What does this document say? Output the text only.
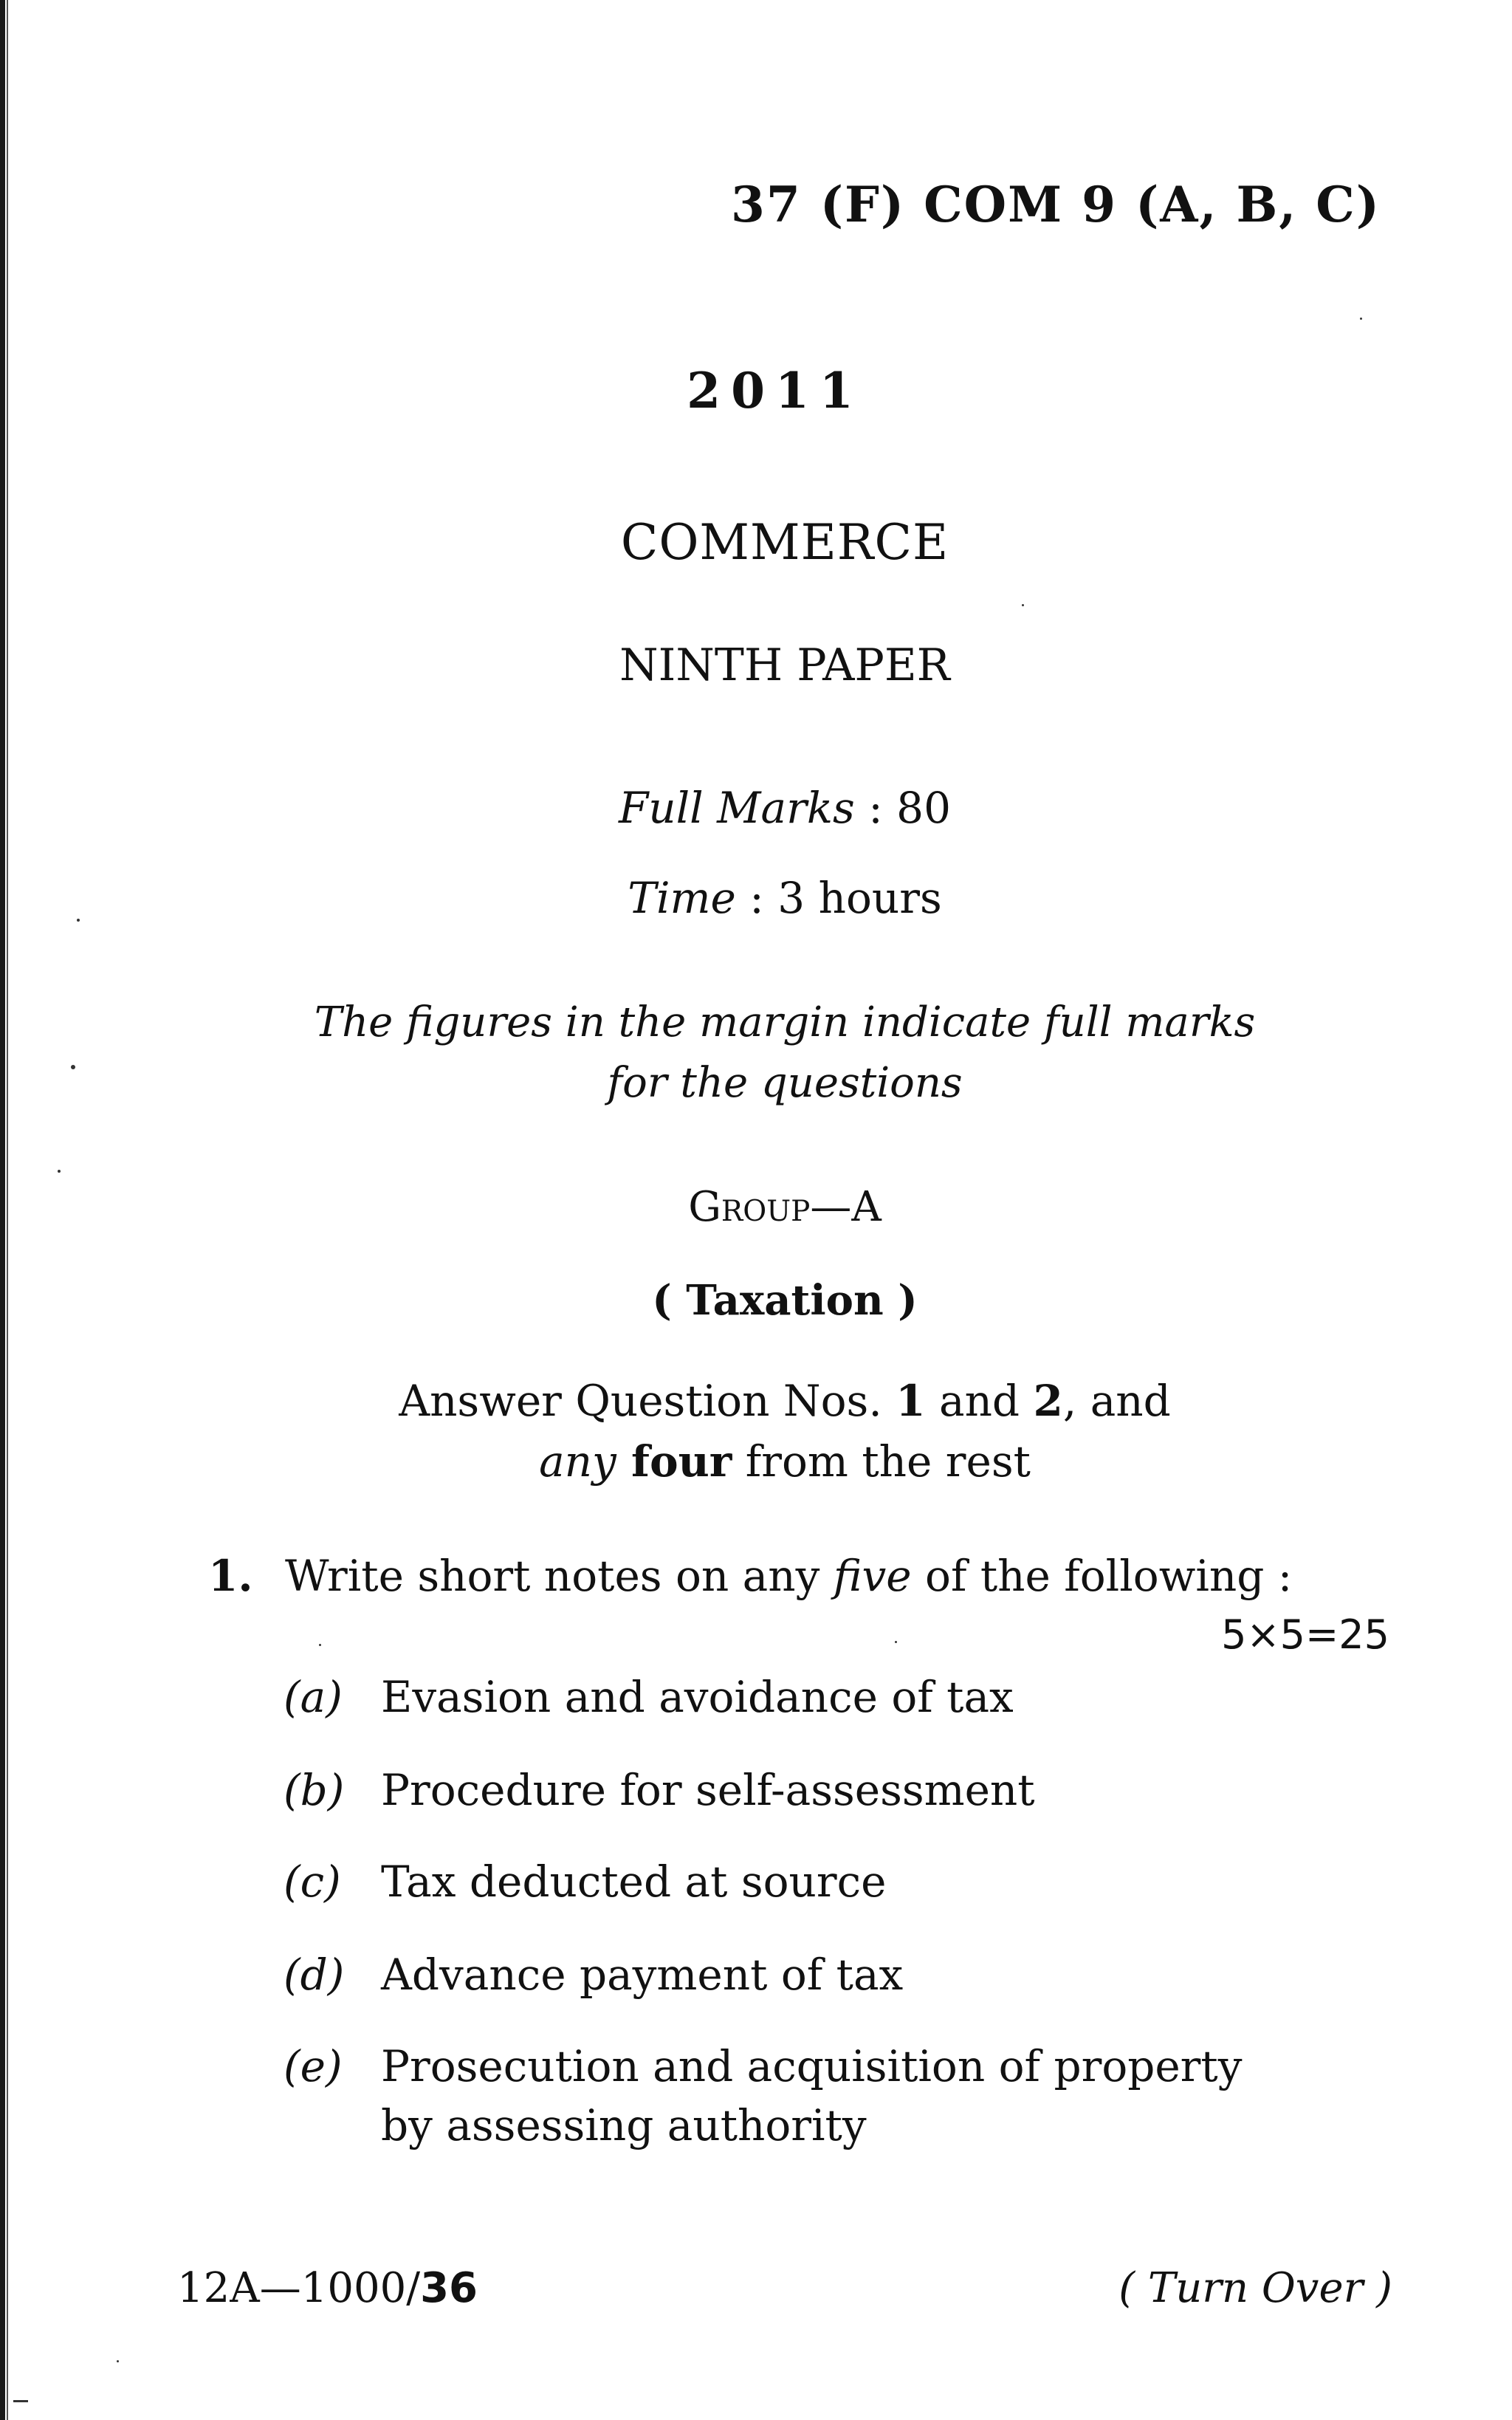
37 (F) COM 9 (A, B, C)
2011
COMMERCE
NINTH PAPER
Full Marks : 80
Time : 3 hours
The figures in the margin indicate full marks
for the questions
Group—A
( Taxation )
Answer Question Nos. 1 and 2, and
any four from the rest
1. Write short notes on any five of the following :
5×5=25
(a) Evasion and avoidance of tax
(b) Procedure for self-assessment
(c) Tax deducted at source
(d) Advance payment of tax
(e) Prosecution and acquisition of property
by assessing authority
12A—1000/36	( Turn Over )
